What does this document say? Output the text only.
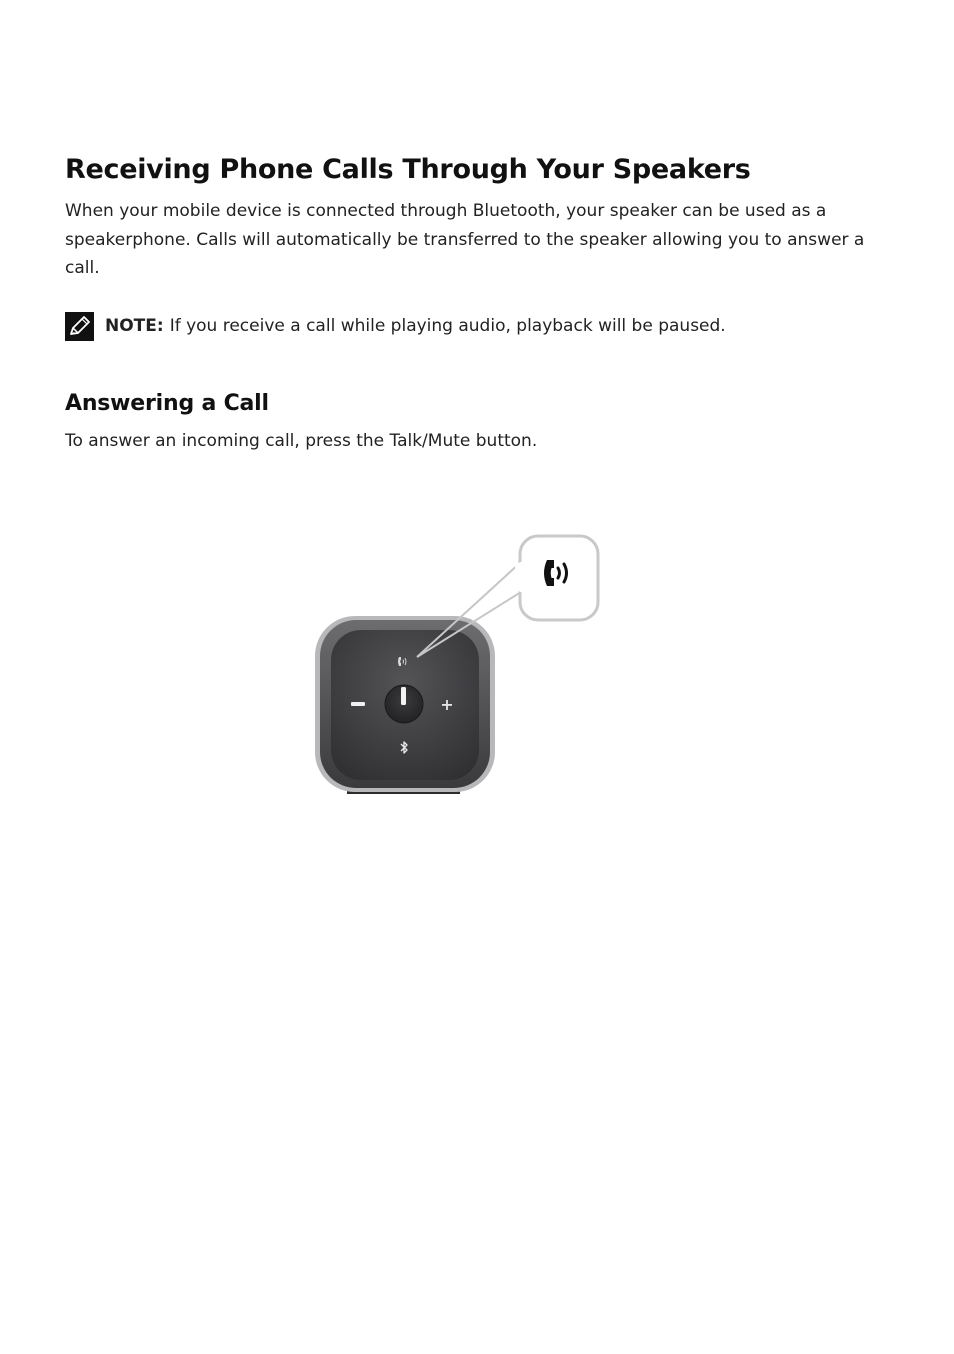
Receiving Phone Calls Through Your Speakers

When your mobile device is connected through Bluetooth, your speaker can be used as a speakerphone. Calls will automatically be transferred to the speaker allowing you to answer a call.

NOTE: If you receive a call while playing audio, playback will be paused.
Answering a Call

To answer an incoming call, press the Talk/Mute button.
